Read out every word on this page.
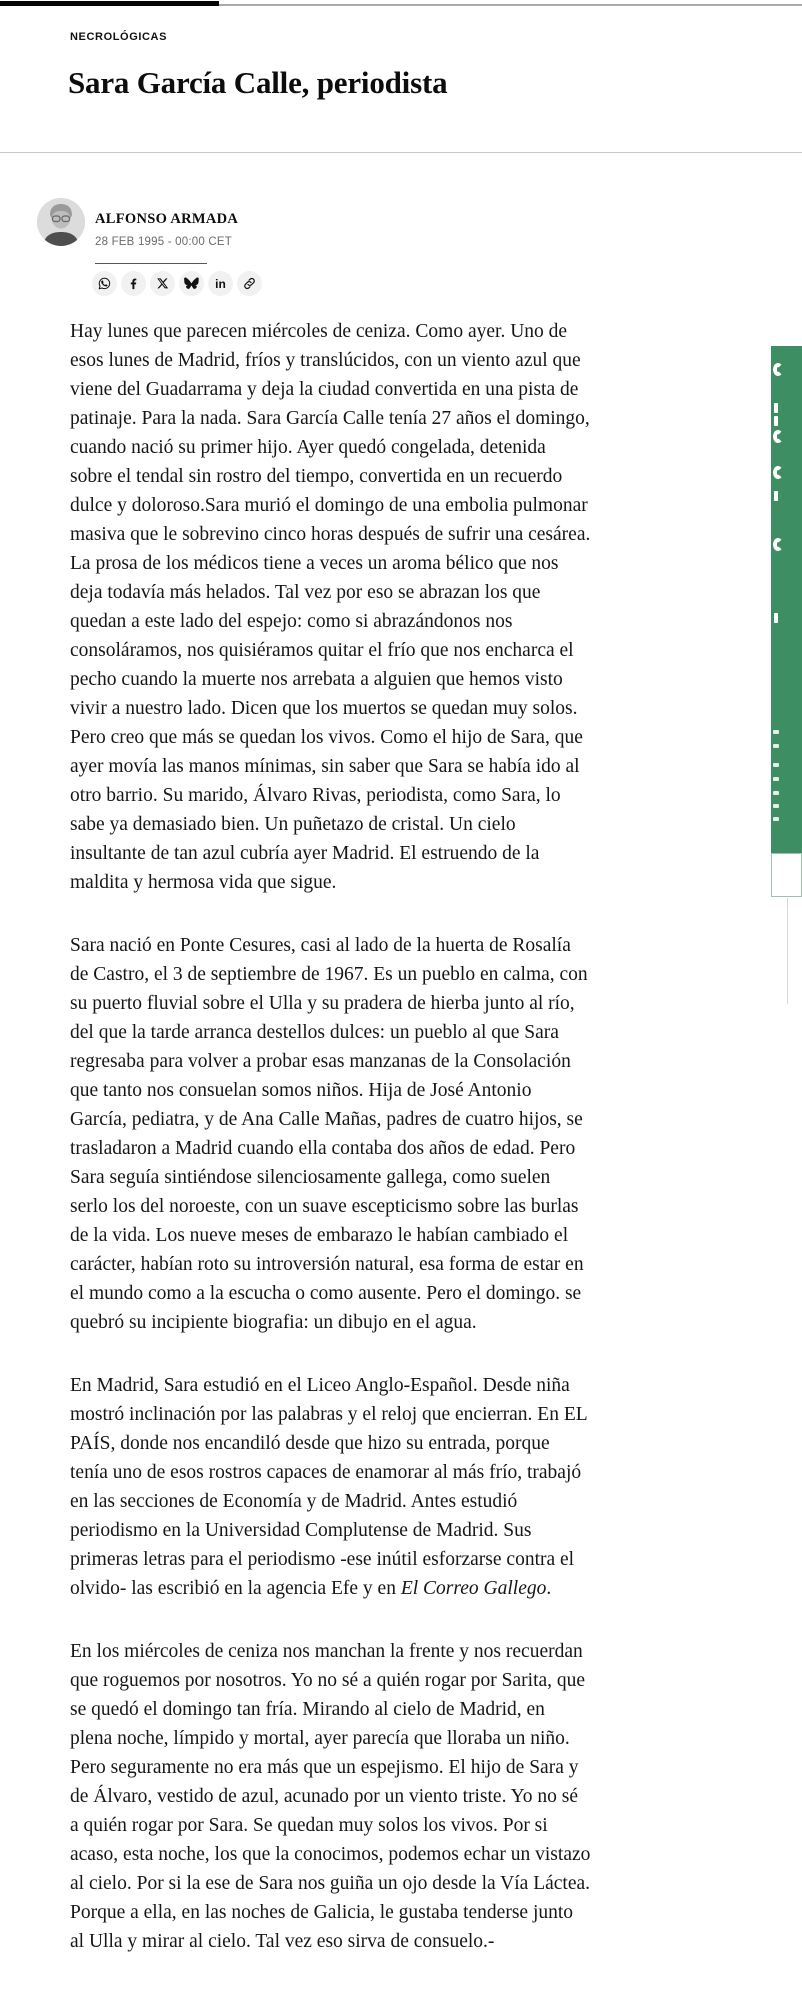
NECROLÓGICAS
Sara García Calle, periodista
ALFONSO ARMADA
28 FEB 1995 - 00:00 CET
in

Hay lunes que parecen miércoles de ceniza. Como ayer. Uno de esos lunes de Madrid, fríos y translúcidos, con un viento azul que viene del Guadarrama y deja la ciudad convertida en una pista de patinaje. Para la nada. Sara García Calle tenía 27 años el domingo, cuando nació su primer hijo. Ayer quedó congelada, detenida sobre el tendal sin rostro del tiempo, convertida en un recuerdo dulce y doloroso.Sara murió el domingo de una embolia pulmonar masiva que le sobrevino cinco horas después de sufrir una cesárea. La prosa de los médicos tiene a veces un aroma bélico que nos deja todavía más helados. Tal vez por eso se abrazan los que quedan a este lado del espejo: como si abrazándonos nos consoláramos, nos quisiéramos quitar el frío que nos encharca el pecho cuando la muerte nos arrebata a alguien que hemos visto vivir a nuestro lado. Dicen que los muertos se quedan muy solos. Pero creo que más se quedan los vivos. Como el hijo de Sara, que ayer movía las manos mínimas, sin saber que Sara se había ido al otro barrio. Su marido, Álvaro Rivas, periodista, como Sara, lo sabe ya demasiado bien. Un puñetazo de cristal. Un cielo insultante de tan azul cubría ayer Madrid. El estruendo de la maldita y hermosa vida que sigue.

Sara nació en Ponte Cesures, casi al lado de la huerta de Rosalía de Castro, el 3 de septiembre de 1967. Es un pueblo en calma, con su puerto fluvial sobre el Ulla y su pradera de hierba junto al río, del que la tarde arranca destellos dulces: un pueblo al que Sara regresaba para volver a probar esas manzanas de la Consolación que tanto nos consuelan somos niños. Hija de José Antonio García, pediatra, y de Ana Calle Mañas, padres de cuatro hijos, se trasladaron a Madrid cuando ella contaba dos años de edad. Pero Sara seguía sintiéndose silenciosamente gallega, como suelen serlo los del noroeste, con un suave escepticismo sobre las burlas de la vida. Los nueve meses de embarazo le habían cambiado el carácter, habían roto su introversión natural, esa forma de estar en el mundo como a la escucha o como ausente. Pero el domingo. se quebró su incipiente biografia: un dibujo en el agua.

En Madrid, Sara estudió en el Liceo Anglo-Español. Desde niña mostró inclinación por las palabras y el reloj que encierran. En EL PAÍS, donde nos encandiló desde que hizo su entrada, porque tenía uno de esos rostros capaces de enamorar al más frío, trabajó en las secciones de Economía y de Madrid. Antes estudió periodismo en la Universidad Complutense de Madrid. Sus primeras letras para el periodismo -ese inútil esforzarse contra el olvido- las escribió en la agencia Efe y en El Correo Gallego.

En los miércoles de ceniza nos manchan la frente y nos recuerdan que roguemos por nosotros. Yo no sé a quién rogar por Sarita, que se quedó el domingo tan fría. Mirando al cielo de Madrid, en plena noche, límpido y mortal, ayer parecía que lloraba un niño. Pero seguramente no era más que un espejismo. El hijo de Sara y de Álvaro, vestido de azul, acunado por un viento triste. Yo no sé a quién rogar por Sara. Se quedan muy solos los vivos. Por si acaso, esta noche, los que la conocimos, podemos echar un vistazo al cielo. Por si la ese de Sara nos guiña un ojo desde la Vía Láctea. Porque a ella, en las noches de Galicia, le gustaba tenderse junto al Ulla y mirar al cielo. Tal vez eso sirva de consuelo.-
